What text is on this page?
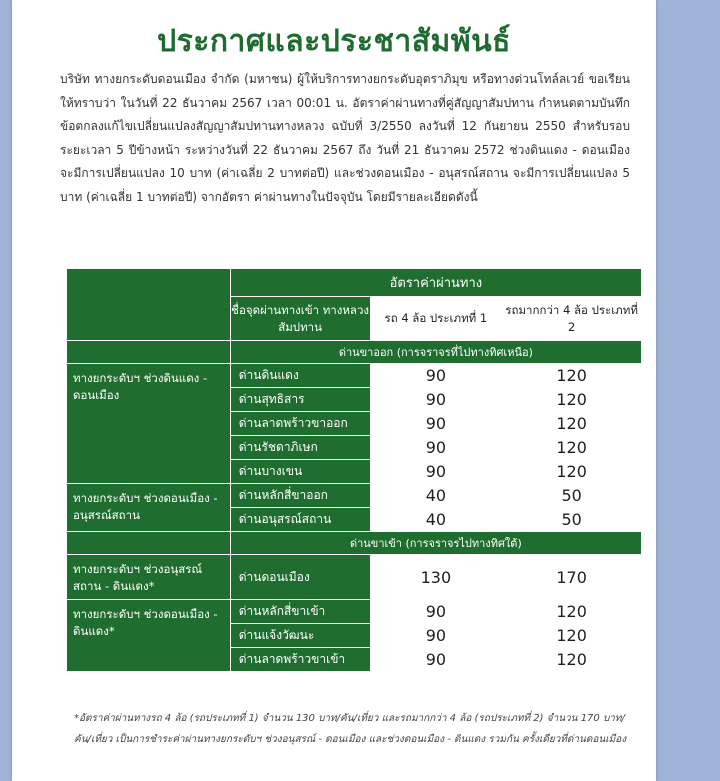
ประกาศและประชาสัมพันธ์
บริษัท ทางยกระดับดอนเมือง จำกัด (มหาชน) ผู้ให้บริการทางยกระดับอุตราภิมุข หรือทางด่วนโทล์ลเวย์ ขอเรียนให้ทราบว่า ในวันที่ 22 ธันวาคม 2567 เวลา 00:01 น. อัตราค่าผ่านทางที่คู่สัญญาสัมปทาน กำหนดตามบันทึกข้อตกลงแก้ไขเปลี่ยนแปลงสัญญาสัมปทานทางหลวง ฉบับที่ 3/2550 ลงวันที่ 12 กันยายน 2550 สำหรับรอบระยะเวลา 5 ปีข้างหน้า ระหว่างวันที่ 22 ธันวาคม 2567 ถึง วันที่ 21 ธันวาคม 2572 ช่วงดินแดง - ดอนเมือง จะมีการเปลี่ยนแปลง 10 บาท (ค่าเฉลี่ย 2 บาทต่อปี) และช่วงดอนเมือง - อนุสรณ์สถาน จะมีการเปลี่ยนแปลง 5 บาท (ค่าเฉลี่ย 1 บาทต่อปี) จากอัตรา ค่าผ่านทางในปัจจุบัน โดยมีรายละเอียดดังนี้
	อัตราค่าผ่านทาง		
	ชื่อจุดผ่านทางเข้า ทางหลวงสัมปทาน	รถ 4 ล้อ ประเภทที่ 1	รถมากกว่า 4 ล้อ ประเภทที่ 2
	ด่านขาออก (การจราจรที่ไปทางทิศเหนือ)		
ทางยกระดับฯ ช่วงดินแดง - ดอนเมือง	ด่านดินแดง	90	120
	ด่านสุทธิสาร	90	120
	ด่านลาดพร้าวขาออก	90	120
	ด่านรัชดาภิเษก	90	120
	ด่านบางเขน	90	120
ทางยกระดับฯ ช่วงดอนเมือง - อนุสรณ์สถาน	ด่านหลักสี่ขาออก	40	50
	ด่านอนุสรณ์สถาน	40	50
	ด่านขาเข้า (การจราจรไปทางทิศใต้)		
ทางยกระดับฯ ช่วงอนุสรณ์สถาน - ดินแดง*	ด่านดอนเมือง	130	170
ทางยกระดับฯ ช่วงดอนเมือง - ดินแดง*	ด่านหลักสี่ขาเข้า	90	120
	ด่านแจ้งวัฒนะ	90	120
	ด่านลาดพร้าวขาเข้า	90	120
*อัตราค่าผ่านทางรถ 4 ล้อ (รถประเภทที่ 1) จำนวน 130 บาท/คัน/เที่ยว และรถมากกว่า 4 ล้อ (รถประเภทที่ 2) จำนวน 170 บาท/คัน/เที่ยว เป็นการชำระค่าผ่านทางยกระดับฯ ช่วงอนุสรณ์ - ดอนเมือง และช่วงดอนเมือง - ดินแดง รวมกัน ครั้งเดียวที่ด่านดอนเมือง
